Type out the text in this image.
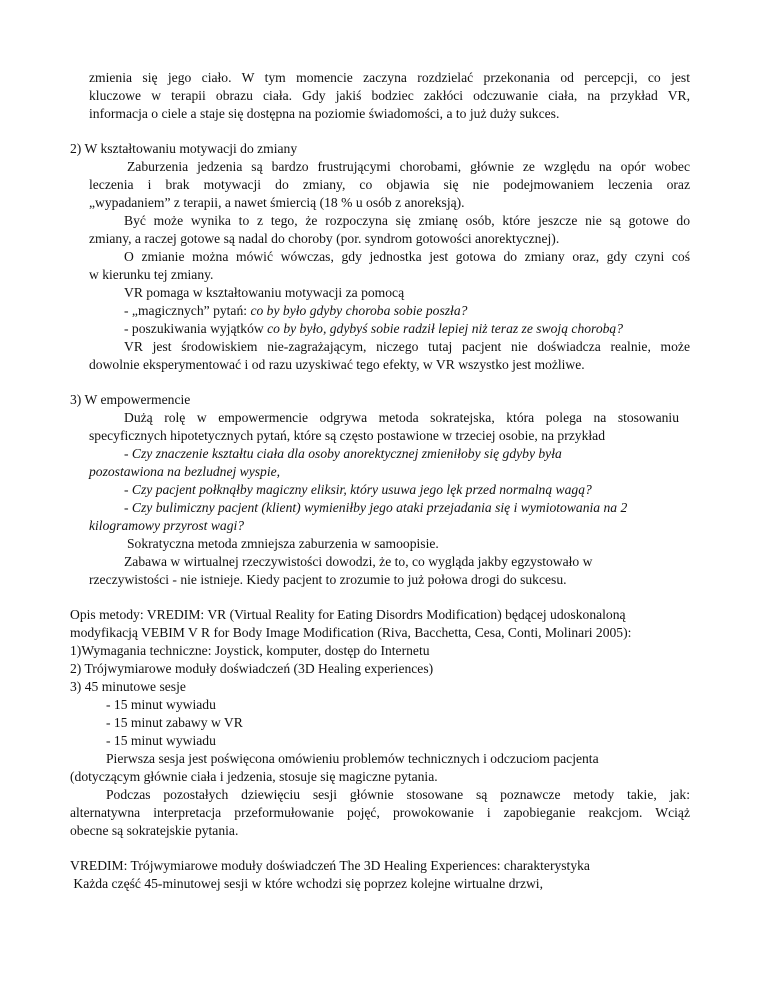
zmienia się jego ciało. W tym momencie zaczyna rozdzielać przekonania od percepcji, co jest
kluczowe w terapii obrazu ciała. Gdy jakiś bodziec zakłóci odczuwanie ciała, na przykład VR,
informacja o ciele a staje się dostępna na poziomie świadomości, a to już duży sukces.
2) W kształtowaniu motywacji do zmiany
Zaburzenia jedzenia są bardzo frustrującymi chorobami, głównie ze względu na opór wobec
leczenia i brak motywacji do zmiany, co objawia się nie podejmowaniem leczenia oraz
„wypadaniem” z terapii, a nawet śmiercią (18 % u osób z anoreksją).
Być może wynika to z tego, że rozpoczyna się zmianę osób, które jeszcze nie są gotowe do
zmiany, a raczej gotowe są nadal do choroby (por. syndrom gotowości anorektycznej).
O zmianie można mówić wówczas, gdy jednostka jest gotowa do zmiany oraz, gdy czyni coś
w kierunku tej zmiany.
VR pomaga w kształtowaniu motywacji za pomocą
- „magicznych” pytań: co by było gdyby choroba sobie poszła?
- poszukiwania wyjątków co by było, gdybyś sobie radził lepiej niż teraz ze swoją chorobą?
VR jest środowiskiem nie-zagrażającym, niczego tutaj pacjent nie doświadcza realnie, może
dowolnie eksperymentować i od razu uzyskiwać tego efekty, w VR wszystko jest możliwe.
3) W empowermencie
Dużą rolę w empowermencie odgrywa metoda sokratejska, która polega na stosowaniu
specyficznych hipotetycznych pytań, które są często postawione w trzeciej osobie, na przykład
- Czy znaczenie kształtu ciała dla osoby anorektycznej zmieniłoby się gdyby była
pozostawiona na bezludnej wyspie,
- Czy pacjent połknąłby magiczny eliksir, który usuwa jego lęk przed normalną wagą?
- Czy bulimiczny pacjent (klient) wymieniłby jego ataki przejadania się i wymiotowania na 2
kilogramowy przyrost wagi?
Sokratyczna metoda zmniejsza zaburzenia w samoopisie.
Zabawa w wirtualnej rzeczywistości dowodzi, że to, co wygląda jakby egzystowało w
rzeczywistości - nie istnieje. Kiedy pacjent to zrozumie to już połowa drogi do sukcesu.
Opis metody: VREDIM: VR (Virtual Reality for Eating Disordrs Modification) będącej udoskonaloną
modyfikacją VEBIM V R for Body Image Modification (Riva, Bacchetta, Cesa, Conti, Molinari 2005):
1)Wymagania techniczne: Joystick, komputer, dostęp do Internetu
2) Trójwymiarowe moduły doświadczeń (3D Healing experiences)
3) 45 minutowe sesje
- 15 minut wywiadu
- 15 minut zabawy w VR
- 15 minut wywiadu
Pierwsza sesja jest poświęcona omówieniu problemów technicznych i odczuciom pacjenta
(dotyczącym głównie ciała i jedzenia, stosuje się magiczne pytania.
Podczas pozostałych dziewięciu sesji głównie stosowane są poznawcze metody takie, jak:
alternatywna interpretacja przeformułowanie pojęć, prowokowanie i zapobieganie reakcjom. Wciąż
obecne są sokratejskie pytania.
VREDIM: Trójwymiarowe moduły doświadczeń The 3D Healing Experiences: charakterystyka
Każda część 45-minutowej sesji w które wchodzi się poprzez kolejne wirtualne drzwi,
